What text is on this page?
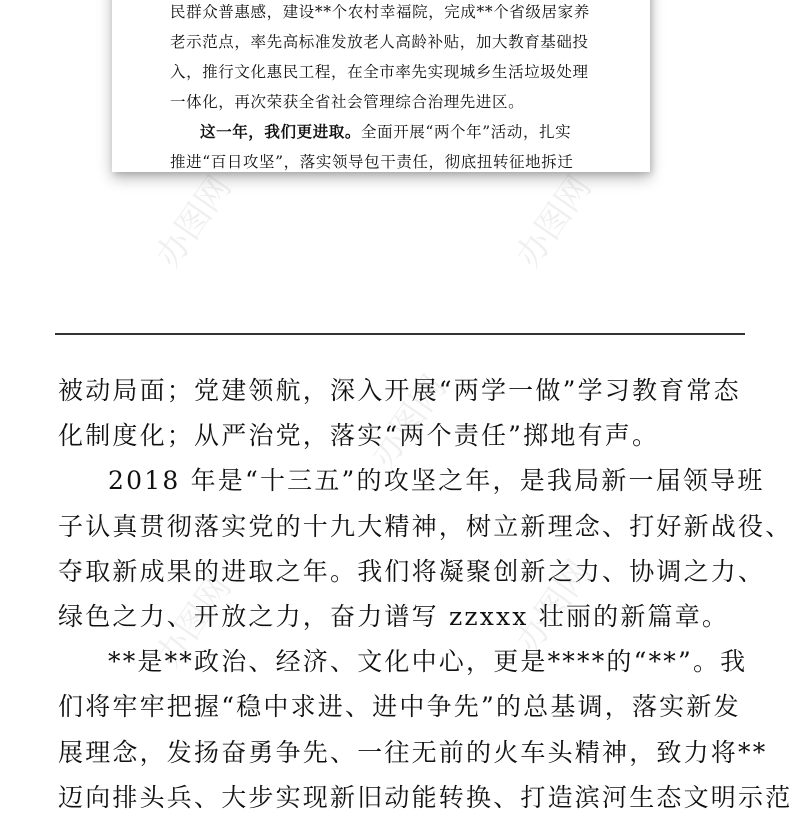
民群众普惠感，建设**个农村幸福院，完成**个省级居家养
老示范点，率先高标准发放老人高龄补贴，加大教育基础投
入，推行文化惠民工程，在全市率先实现城乡生活垃圾处理
一体化，再次荣获全省社会管理综合治理先进区。
这一年，我们更进取。全面开展“两个年”活动，扎实
推进“百日攻坚”，落实领导包干责任，彻底扭转征地拆迁
办图网	办图网
办图网
办图网	办图网
被动局面；党建领航，深入开展“两学一做”学习教育常态
化制度化；从严治党，落实“两个责任”掷地有声。
2018 年是“十三五”的攻坚之年，是我局新一届领导班
子认真贯彻落实党的十九大精神，树立新理念、打好新战役、
夺取新成果的进取之年。我们将凝聚创新之力、协调之力、
绿色之力、开放之力，奋力谱写 zzxxx 壮丽的新篇章。
**是**政治、经济、文化中心，更是****的“**”。我
们将牢牢把握“稳中求进、进中争先”的总基调，落实新发
展理念，发扬奋勇争先、一往无前的火车头精神，致力将**
迈向排头兵、大步实现新旧动能转换、打造滨河生态文明示范
